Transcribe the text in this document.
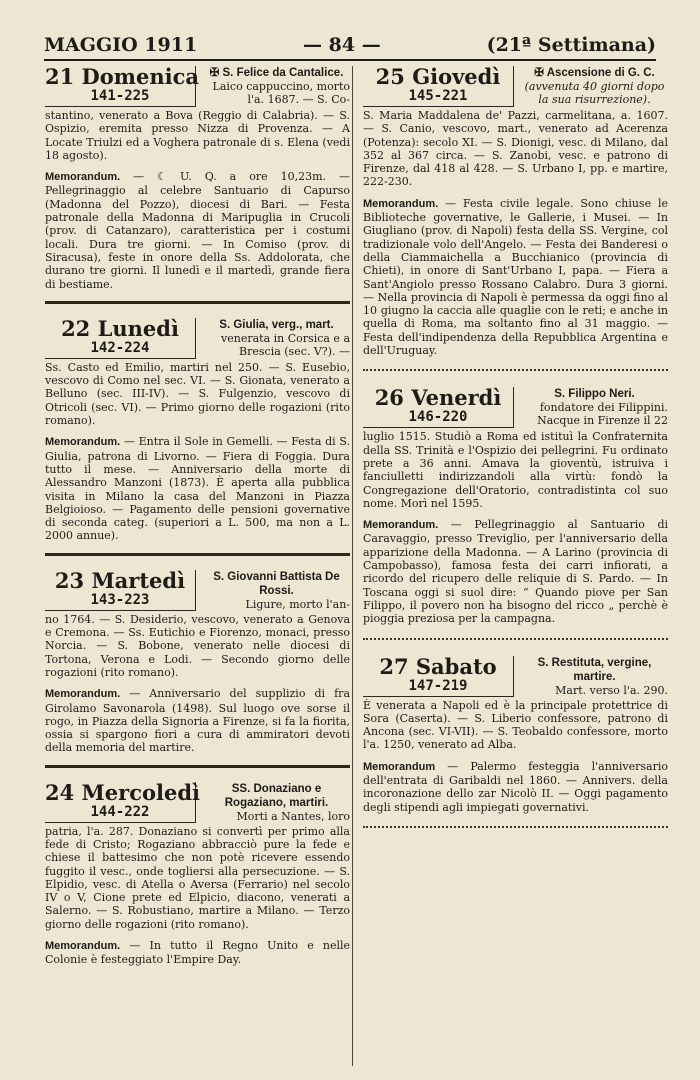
MAGGIO 1911	— 84 —	(21ª Settimana)
21 Domenica
141-225
✠ S. Felice da Cantalice.
Laico cappuccino, morto l'a. 1687. — S. Co-

stantino, venerato a Bova (Reggio di Calabria). — S. Ospizio, eremita presso Nizza di Provenza. — A Locate Triulzi ed a Voghera patronale di s. Elena (vedi 18 agosto).

Memorandum. — ☾ U. Q. a ore 10,23m. — Pellegrinaggio al celebre Santuario di Capurso (Madonna del Pozzo), diocesi di Bari. — Festa patronale della Madonna di Maripuglia in Crucoli (prov. di Catanzaro), caratteristica per i costumi locali. Dura tre giorni. — In Comiso (prov. di Siracusa), feste in onore della Ss. Addolorata, che durano tre giorni. Il lunedì e il martedì, grande fiera di bestiame.

22 Lunedì
142-224
S. Giulia, verg., mart.
venerata in Corsica e a Brescia (sec. V?). —

Ss. Casto ed Emilio, martiri nel 250. — S. Eusebio, vescovo di Como nel sec. VI. — S. Gionata, venerato a Belluno (sec. III-IV). — S. Fulgenzio, vescovo di Otricoli (sec. VI). — Primo giorno delle rogazioni (rito romano).

Memorandum. — Entra il Sole in Gemelli. — Festa di S. Giulia, patrona di Livorno. — Fiera di Foggia. Dura tutto il mese. — Anniversario della morte di Alessandro Manzoni (1873). È aperta alla pubblica visita in Milano la casa del Manzoni in Piazza Belgioioso. — Pagamento delle pensioni governative di seconda categ. (superiori a L. 500, ma non a L. 2000 annue).

23 Martedì
143-223
S. Giovanni Battista De Rossi.
Ligure, morto l'an-

no 1764. — S. Desiderio, vescovo, venerato a Genova e Cremona. — Ss. Eutichio e Fiorenzo, monaci, presso Norcia. — S. Bobone, venerato nelle diocesi di Tortona, Verona e Lodi. — Secondo giorno delle rogazioni (rito romano).

Memorandum. — Anniversario del supplizio di fra Girolamo Savonarola (1498). Sul luogo ove sorse il rogo, in Piazza della Signoria a Firenze, si fa la fiorita, ossia si spargono fiori a cura di ammiratori devoti della memoria del martire.

24 Mercoledì
144-222
SS. Donaziano e Rogaziano, martiri.
Morti a Nantes, loro

patria, l'a. 287. Donaziano si convertì per primo alla fede di Cristo; Rogaziano abbracciò pure la fede e chiese il battesimo che non potè ricevere essendo fuggito il vesc., onde togliersi alla persecuzione. — S. Elpidio, vesc. di Atella o Aversa (Ferrario) nel secolo IV o V, Cione prete ed Elpicio, diacono, venerati a Salerno. — S. Robustiano, martire a Milano. — Terzo giorno delle rogazioni (rito romano).

Memorandum. — In tutto il Regno Unito e nelle Colonie è festeggiato l'Empire Day.

25 Giovedì
145-221
✠ Ascensione di G. C.
(avvenuta 40 giorni dopo la sua risurrezione).

S. Maria Maddalena de' Pazzi, carmelitana, a. 1607. — S. Canio, vescovo, mart., venerato ad Acerenza (Potenza): secolo XI. — S. Dionigi, vesc. di Milano, dal 352 al 367 circa. — S. Zanobi, vesc. e patrono di Firenze, dal 418 al 428. — S. Urbano I, pp. e martire, 222-230.

Memorandum. — Festa civile legale. Sono chiuse le Biblioteche governative, le Gallerie, i Musei. — In Giugliano (prov. di Napoli) festa della SS. Vergine, col tradizionale volo dell'Angelo. — Festa dei Banderesi o della Ciammaichella a Bucchianico (provincia di Chieti), in onore di Sant'Urbano I, papa. — Fiera a Sant'Angiolo presso Rossano Calabro. Dura 3 giorni. — Nella provincia di Napoli è permessa da oggi fino al 10 giugno la caccia alle quaglie con le reti; e anche in quella di Roma, ma soltanto fino al 31 maggio. — Festa dell'indipendenza della Repubblica Argentina e dell'Uruguay.

26 Venerdì
146-220
S. Filippo Neri.
fondatore dei Filippini. Nacque in Firenze il 22

luglio 1515. Studiò a Roma ed istituì la Confraternita della SS. Trinità e l'Ospizio dei pellegrini. Fu ordinato prete a 36 anni. Amava la gioventù, istruiva i fanciulletti indirizzandoli alla virtù: fondò la Congregazione dell'Oratorio, contradistinta col suo nome. Morì nel 1595.

Memorandum. — Pellegrinaggio al Santuario di Caravaggio, presso Treviglio, per l'anniversario della apparizione della Madonna. — A Larino (provincia di Campobasso), famosa festa dei carri infiorati, a ricordo del ricupero delle reliquie di S. Pardo. — In Toscana oggi si suol dire: “ Quando piove per San Filippo, il povero non ha bisogno del ricco „ perchè è pioggia preziosa per la campagna.

27 Sabato
147-219
S. Restituta, vergine, martire.
Mart. verso l'a. 290.

È venerata a Napoli ed è la principale protettrice di Sora (Caserta). — S. Liberio confessore, patrono di Ancona (sec. VI-VII). — S. Teobaldo confessore, morto l'a. 1250, venerato ad Alba.

Memorandum — Palermo festeggia l'anniversario dell'entrata di Garibaldi nel 1860. — Annivers. della incoronazione dello zar Nicolò II. — Oggi pagamento degli stipendi agli impiegati governativi.
